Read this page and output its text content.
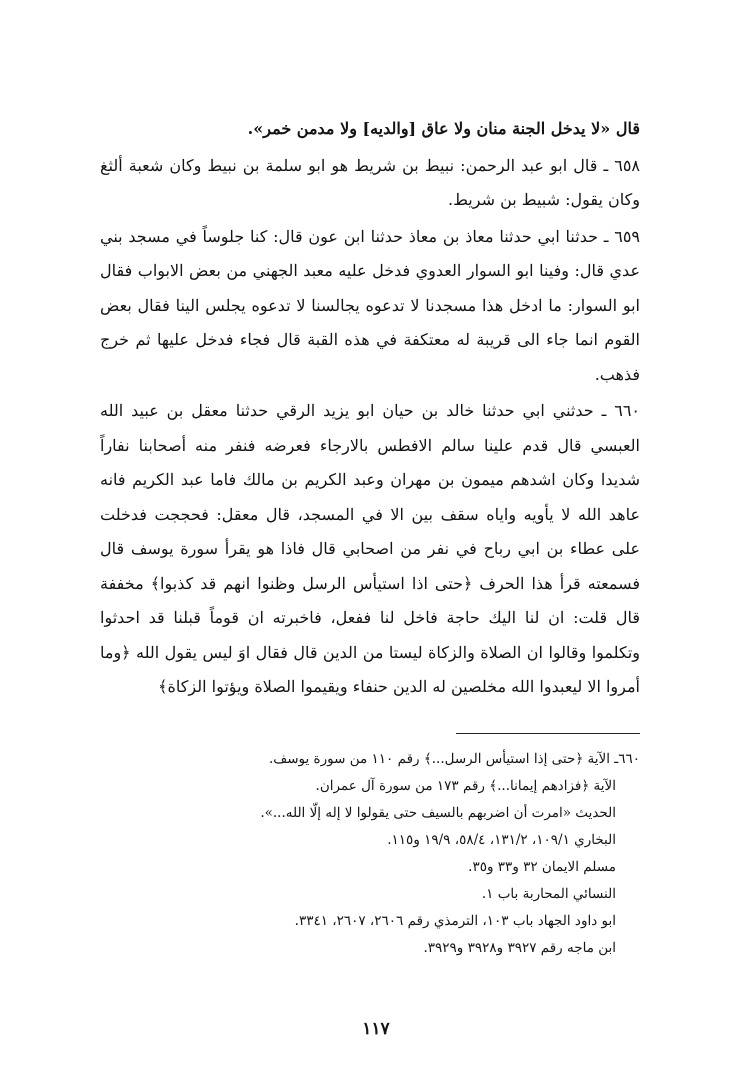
قال «لا يدخل الجنة منان ولا عاق [والديه] ولا مدمن خمر».

٦٥٨ ـ قال ابو عبد الرحمن: نبيط بن شريط هو ابو سلمة بن نبيط وكان شعبة ألثغ وكان يقول: شبيط بن شريط.

٦٥٩ ـ حدثنا ابي حدثنا معاذ بن معاذ حدثنا ابن عون قال: كنا جلوساً في مسجد بني عدي قال: وفينا ابو السوار العدوي فدخل عليه معبد الجهني من بعض الابواب فقال ابو السوار: ما ادخل هذا مسجدنا لا تدعوه يجالسنا لا تدعوه يجلس الينا فقال بعض القوم انما جاء الى قريبة له معتكفة في هذه القبة قال فجاء فدخل عليها ثم خرج فذهب.

٦٦٠ ـ حدثني ابي حدثنا خالد بن حيان ابو يزيد الرقي حدثنا معقل بن عبيد الله العبسي قال قدم علينا سالم الافطس بالارجاء فعرضه فنفر منه أصحابنا نفاراً شديدا وكان اشدهم ميمون بن مهران وعبد الكريم بن مالك فاما عبد الكريم فانه عاهد الله لا يأويه واياه سقف بين الا في المسجد، قال معقل: فحججت فدخلت على عطاء بن ابي رباح في نفر من اصحابي قال فاذا هو يقرأ سورة يوسف قال فسمعته قرأ هذا الحرف ﴿حتى اذا استيأس الرسل وظنوا انهم قد كذبوا﴾ مخففة قال قلت: ان لنا اليك حاجة فاخل لنا ففعل، فاخبرته ان قوماً قبلنا قد احدثوا وتكلموا وقالوا ان الصلاة والزكاة ليستا من الدين قال فقال اوَ ليس يقول الله ﴿وما أمروا الا ليعبدوا الله مخلصين له الدين حنفاء ويقيموا الصلاة ويؤتوا الزكاة﴾

٦٦٠ـ الآية ﴿حتى إذا استيأس الرسل...﴾ رقم ١١٠ من سورة يوسف.
الآية ﴿فزادهم إيمانا...﴾ رقم ١٧٣ من سورة آل عمران.
الحديث «امرت أن اضربهم بالسيف حتى يقولوا لا إله إلّا الله...».
البخاري ١٠٩/١، ١٣١/٢، ٥٨/٤، ١٩/٩ و١١٥.
مسلم الايمان ٣٢ و٣٣ و٣٥.
النسائي المحاربة باب ١.
ابو داود الجهاد باب ١٠٣، الترمذي رقم ٢٦٠٦، ٢٦٠٧، ٣٣٤١.
ابن ماجه رقم ٣٩٢٧ و٣٩٢٨ و٣٩٢٩.
١١٧
